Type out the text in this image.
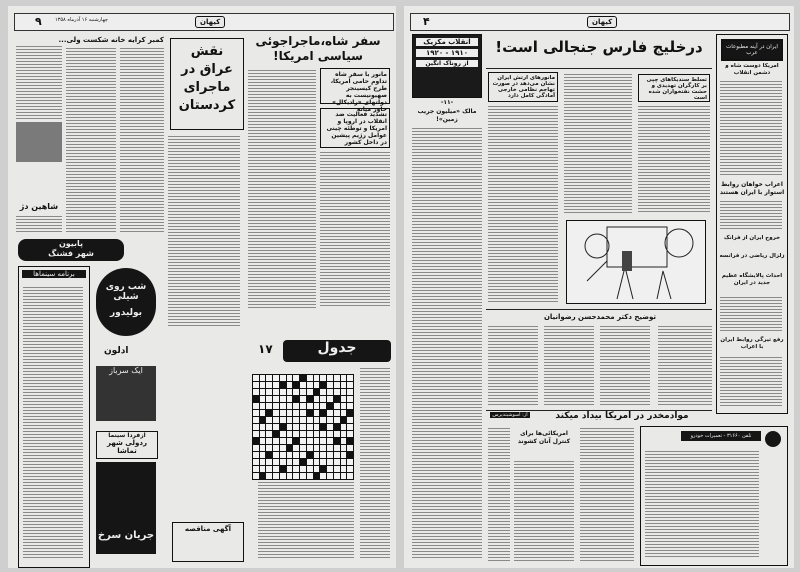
۹	چهارشنبه ۱۶ آذرماه ۱۳۵۸	کیهان
سفر شاه،ماجراجوئی سیاسی امریکا!
مانور با سفر شاه تداوم حامی امریکا، طرح کیسینجر صهیونیست به دولتهای «رادیکال» خاور میانه
تشدید فعالیت ضد انقلاب در اروپا و امریکا و توطئه چینی عوامل رژیم پیشین در داخل کشور
نقش عراق در ماجرای کردستان
کمبر کرایه خانه شکست ولی...
شاهین دژ
پابیون
شهر فشنگ
برنامه سینماها
شب روی شیلی
بولیدور
ادلون
ایک سرباز
ازفردا سینما
ردولی شهر تماشا
جریان سرخ
جدول
۱۷
آگهی مناقصه
۴	کیهان
انقلاب مکزیک
۱۹۱۰ - ۱۹۲۰
از روناک آنگین
-۱۱-
مالک «میلیون جریب زمین»!
درخلیج فارس جنجالی است!
مانورهای ارتش ایران نشان می‌دهد در صورت تهاجم نظامی خارجی آمادگی کامل دارد
تسلط سندیکاهای چپی بر کارگران تهدیدی و حشت نفتخواران شده است
توضیح دکتر محمدحسن رضوانیان
ایران در آینه مطبوعات عرب
امریکا دوست شاه و دشمن انقلاب
اعراب خواهان روابط استوار با ایران هستند
خروج ایران از فرانک
زلزال ریاضی در فرانسه
احداث پالایشگاه عظیم جدید در ایران
رفع تیرگی روابط ایران با اعراب
از: آسوشیتدپرس	موادمخدر در امریکا بیداد میکند
امریکائی‌ها برای کنترل آنان کشوند
تلفن ۳۱۶۶۰ - تعمیرات خودرو
